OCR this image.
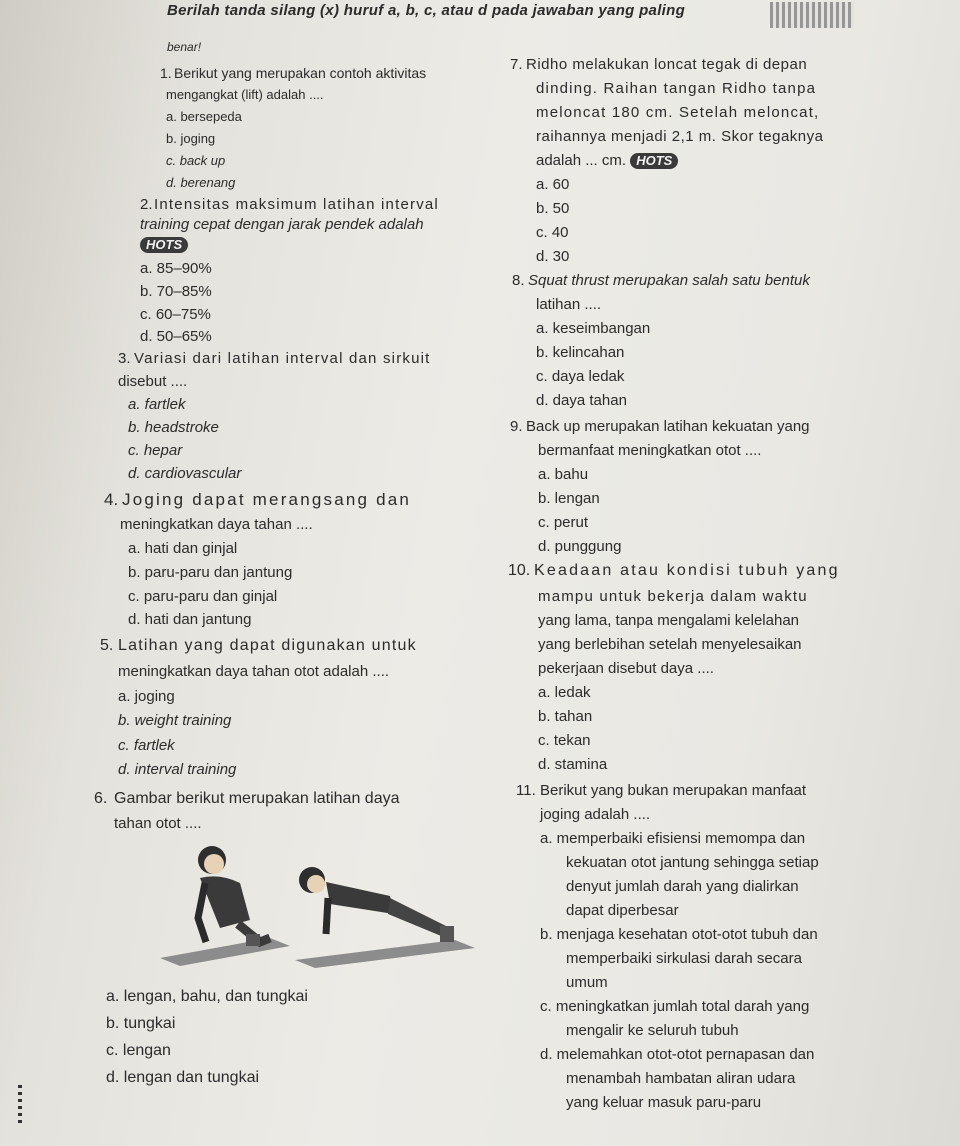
Berilah tanda silang (x) huruf a, b, c, atau d pada jawaban yang paling
benar!
1. Berikut yang merupakan contoh aktivitas
mengangkat (lift) adalah ....
a. bersepeda
b. joging
c. back up
d. berenang
2. Intensitas maksimum latihan interval
training cepat dengan jarak pendek adalah
HOTS
a. 85–90%
b. 70–85%
c. 60–75%
d. 50–65%
3. Variasi dari latihan interval dan sirkuit
disebut ....
a. fartlek
b. headstroke
c. hepar
d. cardiovascular
4. Joging dapat merangsang dan
meningkatkan daya tahan ....
a. hati dan ginjal
b. paru-paru dan jantung
c. paru-paru dan ginjal
d. hati dan jantung
5. Latihan yang dapat digunakan untuk
meningkatkan daya tahan otot adalah ....
a. joging
b. weight training
c. fartlek
d. interval training
6. Gambar berikut merupakan latihan daya
tahan otot ....
a. lengan, bahu, dan tungkai
b. tungkai
c. lengan
d. lengan dan tungkai
7. Ridho melakukan loncat tegak di depan
dinding. Raihan tangan Ridho tanpa
meloncat 180 cm. Setelah meloncat,
raihannya menjadi 2,1 m. Skor tegaknya
adalah ... cm. HOTS
a. 60
b. 50
c. 40
d. 30
8. Squat thrust merupakan salah satu bentuk
latihan ....
a. keseimbangan
b. kelincahan
c. daya ledak
d. daya tahan
9. Back up merupakan latihan kekuatan yang
bermanfaat meningkatkan otot ....
a. bahu
b. lengan
c. perut
d. punggung
10. Keadaan atau kondisi tubuh yang
mampu untuk bekerja dalam waktu
yang lama, tanpa mengalami kelelahan
yang berlebihan setelah menyelesaikan
pekerjaan disebut daya ....
a. ledak
b. tahan
c. tekan
d. stamina
11. Berikut yang bukan merupakan manfaat
joging adalah ....
a. memperbaiki efisiensi memompa dan
kekuatan otot jantung sehingga setiap
denyut jumlah darah yang dialirkan
dapat diperbesar
b. menjaga kesehatan otot-otot tubuh dan
memperbaiki sirkulasi darah secara
umum
c. meningkatkan jumlah total darah yang
mengalir ke seluruh tubuh
d. melemahkan otot-otot pernapasan dan
menambah hambatan aliran udara
yang keluar masuk paru-paru
